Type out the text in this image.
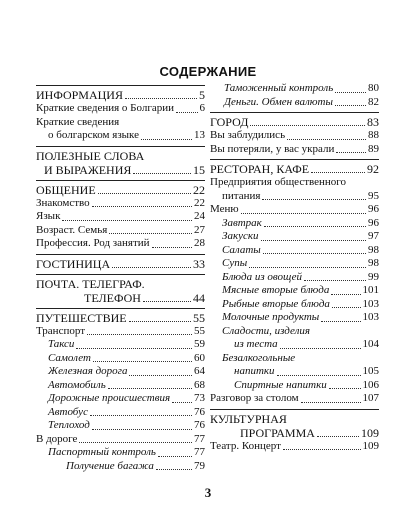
СОДЕРЖАНИЕ
ИНФОРМАЦИЯ	5
Краткие сведения о Болгарии 6
Краткие сведения
о болгарском языке	13
ПОЛЕЗНЫЕ СЛОВА
И ВЫРАЖЕНИЯ	15
ОБЩЕНИЕ	22
Знакомство	22
Язык	24
Возраст. Семья	27
Профессия. Род занятий	28
ГОСТИНИЦА	33
ПОЧТА. ТЕЛЕГРАФ.
ТЕЛЕФОН	44
ПУТЕШЕСТВИЕ	55
Транспорт	55
Такси	59
Самолет	60
Железная дорога	64
Автомобиль	68
Дорожные происшествия 73
Автобус	76
Теплоход	76
В дороге	77
Паспортный контроль	77
Получение багажа	79
Таможенный контроль	80
Деньги. Обмен валюты	82
ГОРОД	83
Вы заблудились	88
Вы потеряли, у вас украли	89
РЕСТОРАН, КАФЕ	92
Предприятия общественного
питания	95
Меню	96
Завтрак	96
Закуски	97
Салаты	98
Супы	98
Блюда из овощей	99
Мясные вторые блюда	101
Рыбные вторые блюда	103
Молочные продукты	103
Сладости, изделия
из теста	104
Безалкогольные
напитки	105
Спиртные напитки	106
Разговор за столом	107
КУЛЬТУРНАЯ
ПРОГРАММА	109
Театр. Концерт	109
3
